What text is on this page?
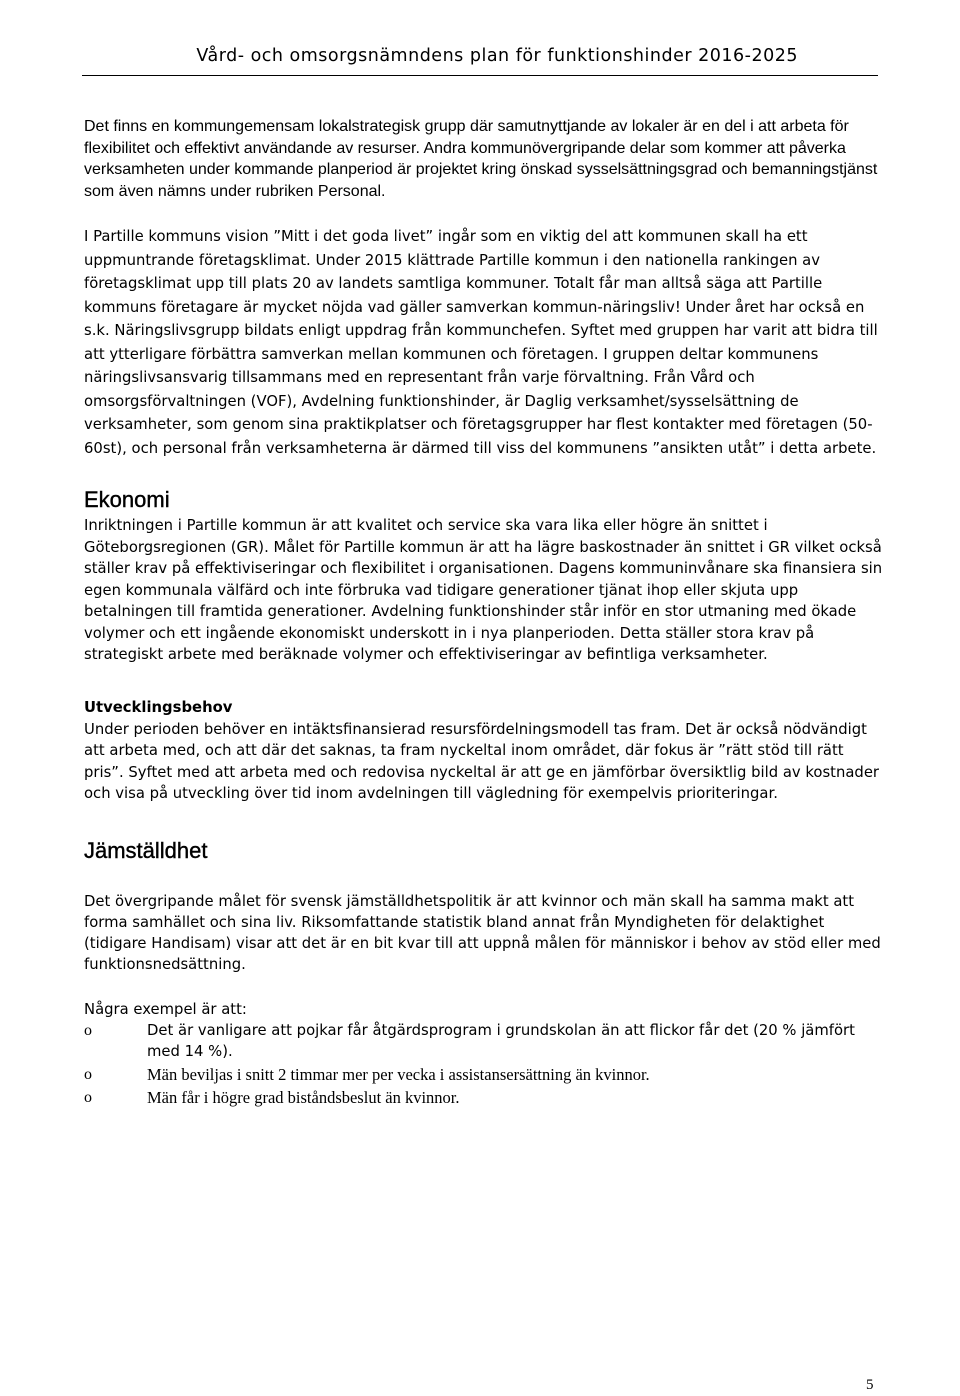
Vård- och omsorgsnämndens plan för funktionshinder 2016-2025

Det finns en kommungemensam lokalstrategisk grupp där samutnyttjande av lokaler är en del i att arbeta för flexibilitet och effektivt användande av resurser. Andra kommunövergripande delar som kommer att påverka verksamheten under kommande planperiod är projektet kring önskad sysselsättningsgrad och bemanningstjänst som även nämns under rubriken Personal.

I Partille kommuns vision ”Mitt i det goda livet” ingår som en viktig del att kommunen skall ha ett uppmuntrande företagsklimat. Under 2015 klättrade Partille kommun i den nationella rankingen av företagsklimat upp till plats 20 av landets samtliga kommuner. Totalt får man alltså säga att Partille kommuns företagare är mycket nöjda vad gäller samverkan kommun-näringsliv! Under året har också en s.k. Näringslivsgrupp bildats enligt uppdrag från kommunchefen. Syftet med gruppen har varit att bidra till att ytterligare förbättra samverkan mellan kommunen och företagen. I gruppen deltar kommunens näringslivsansvarig tillsammans med en representant från varje förvaltning. Från Vård och omsorgsförvaltningen (VOF), Avdelning funktionshinder, är Daglig verksamhet/sysselsättning de verksamheter, som genom sina praktikplatser och företagsgrupper har flest kontakter med företagen (50-60st), och personal från verksamheterna är därmed till viss del kommunens ”ansikten utåt” i detta arbete.

Ekonomi

Inriktningen i Partille kommun är att kvalitet och service ska vara lika eller högre än snittet i Göteborgsregionen (GR). Målet för Partille kommun är att ha lägre baskostnader än snittet i GR vilket också ställer krav på effektiviseringar och flexibilitet i organisationen. Dagens kommuninvånare ska finansiera sin egen kommunala välfärd och inte förbruka vad tidigare generationer tjänat ihop eller skjuta upp betalningen till framtida generationer. Avdelning funktionshinder står inför en stor utmaning med ökade volymer och ett ingående ekonomiskt underskott in i nya planperioden. Detta ställer stora krav på strategiskt arbete med beräknade volymer och effektiviseringar av befintliga verksamheter.

Utvecklingsbehov

Under perioden behöver en intäktsfinansierad resursfördelningsmodell tas fram. Det är också nödvändigt att arbeta med, och att där det saknas, ta fram nyckeltal inom området, där fokus är ”rätt stöd till rätt pris”. Syftet med att arbeta med och redovisa nyckeltal är att ge en jämförbar översiktlig bild av kostnader och visa på utveckling över tid inom avdelningen till vägledning för exempelvis prioriteringar.

Jämställdhet

Det övergripande målet för svensk jämställdhetspolitik är att kvinnor och män skall ha samma makt att forma samhället och sina liv. Riksomfattande statistik bland annat från Myndigheten för delaktighet (tidigare Handisam) visar att det är en bit kvar till att uppnå målen för människor i behov av stöd eller med funktionsnedsättning.

Några exempel är att:

o	Det är vanligare att pojkar får åtgärdsprogram i grundskolan än att flickor får det (20 % jämfört med 14 %).
o	Män beviljas i snitt 2 timmar mer per vecka i assistansersättning än kvinnor.
o	Män får i högre grad biståndsbeslut än kvinnor.
5
